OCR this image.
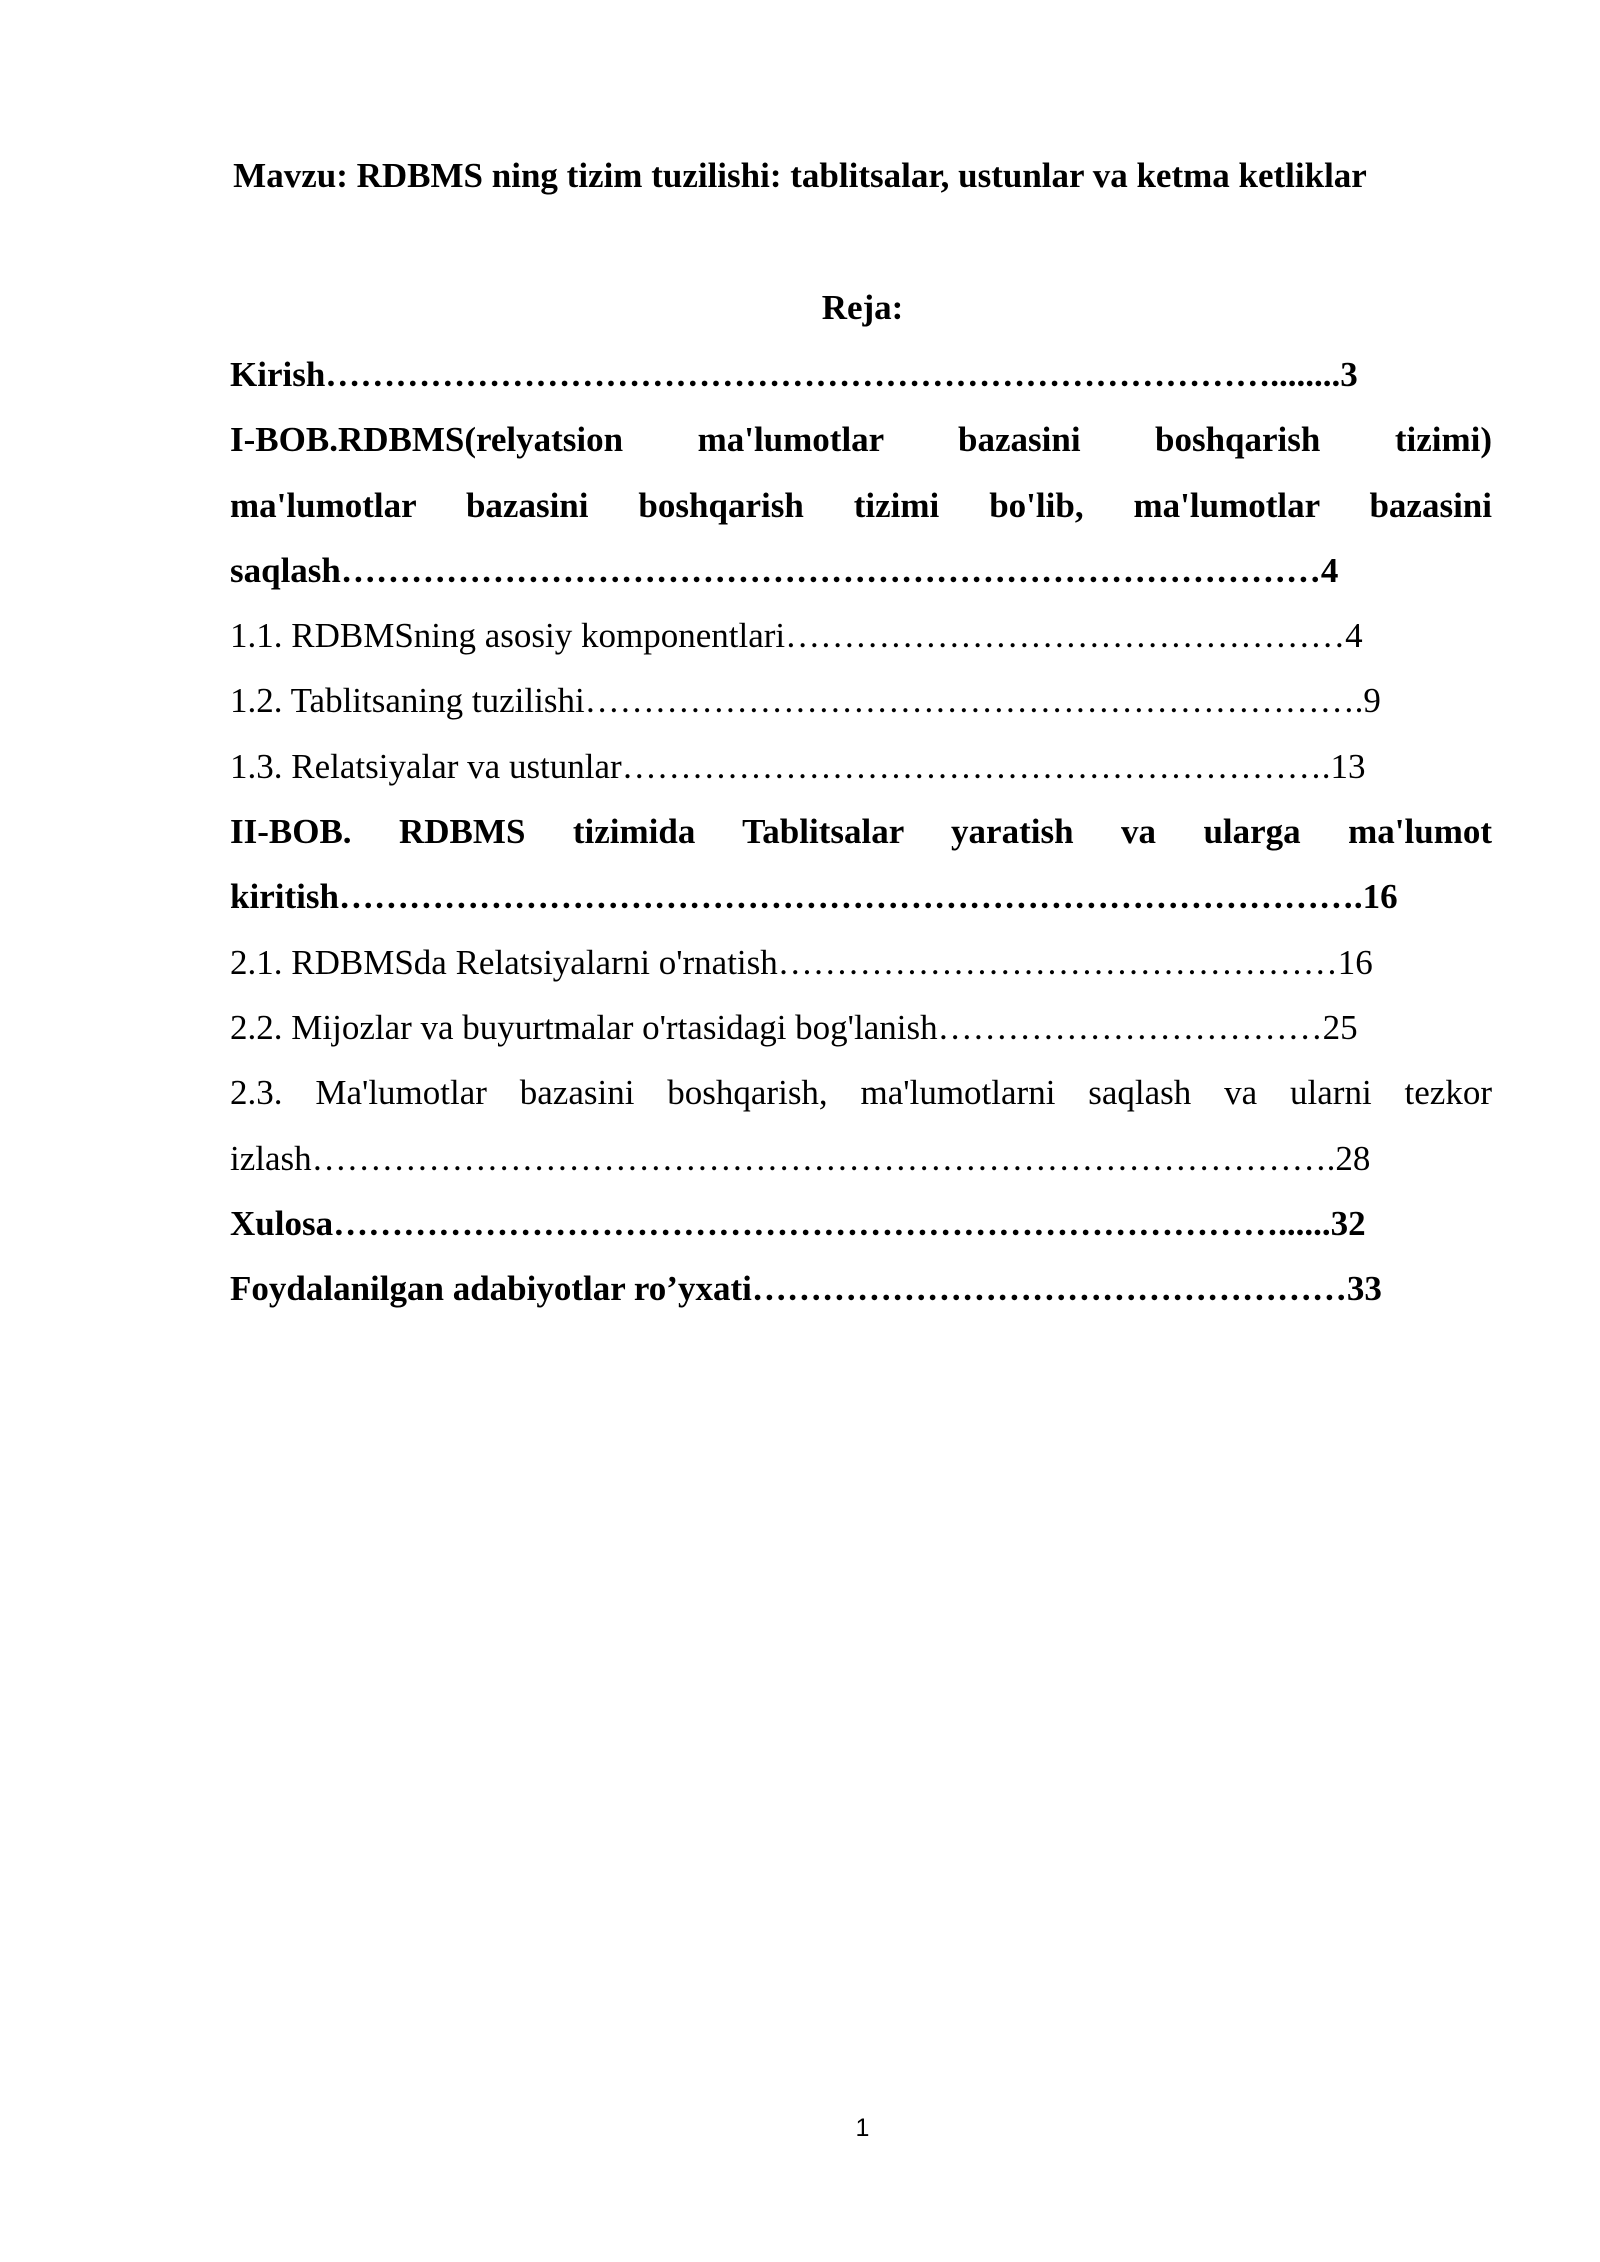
Mavzu: RDBMS ning tizim tuzilishi: tablitsalar, ustunlar va ketma ketliklar
Reja:
Kirish………………………………………………………………………........3
I-BOB.RDBMS(relyatsion ma'lumotlar bazasini boshqarish tizimi)
ma'lumotlar bazasini boshqarish tizimi bo'lib, ma'lumotlar bazasini
saqlash…………………………………………………………………………4
1.1. RDBMSning asosiy komponentlari…………………………………………4
1.2. Tablitsaning tuzilishi………………………………………………………….9
1.3. Relatsiyalar va ustunlar…………………………………………………….13
II-BOB. RDBMS tizimida Tablitsalar yaratish va ularga ma'lumot
kiritish…………………………………………………………………………….16
2.1. RDBMSda Relatsiyalarni o'rnatish…………………………………………16
2.2. Mijozlar va buyurtmalar o'rtasidagi bog'lanish……………………………25
2.3. Ma'lumotlar bazasini boshqarish, ma'lumotlarni saqlash va ularni tezkor
izlash…………………………………………………………………………….28
Xulosa………………………………………………………………………......32
Foydalanilgan adabiyotlar ro’yxati……………………………………………33
1
